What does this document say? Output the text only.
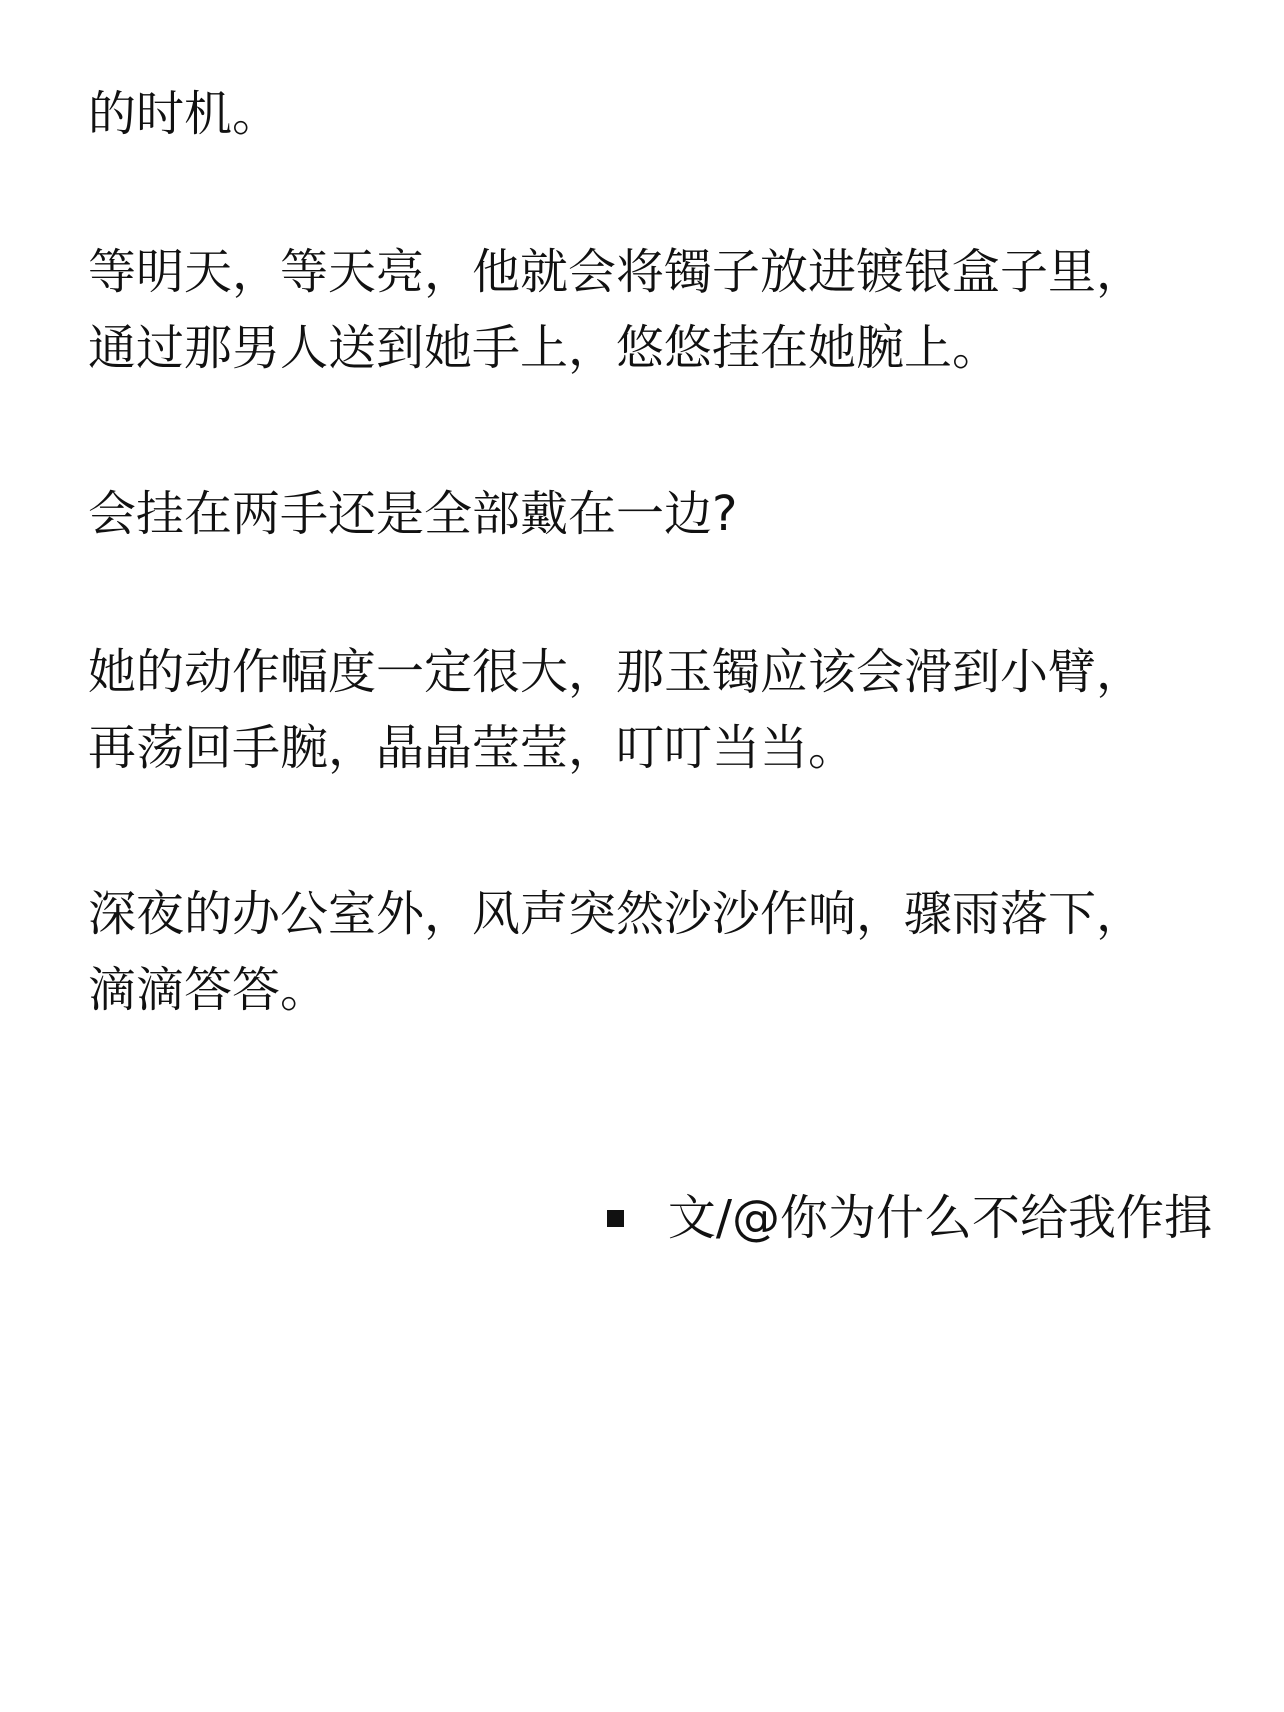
的时机。
等明天，等天亮，他就会将镯子放进镀银盒子里，
通过那男人送到她手上，悠悠挂在她腕上。
会挂在两手还是全部戴在一边?
她的动作幅度一定很大，那玉镯应该会滑到小臂，
再荡回手腕，晶晶莹莹，叮叮当当。
深夜的办公室外，风声突然沙沙作响，骤雨落下，
滴滴答答。
文/@你为什么不给我作揖
